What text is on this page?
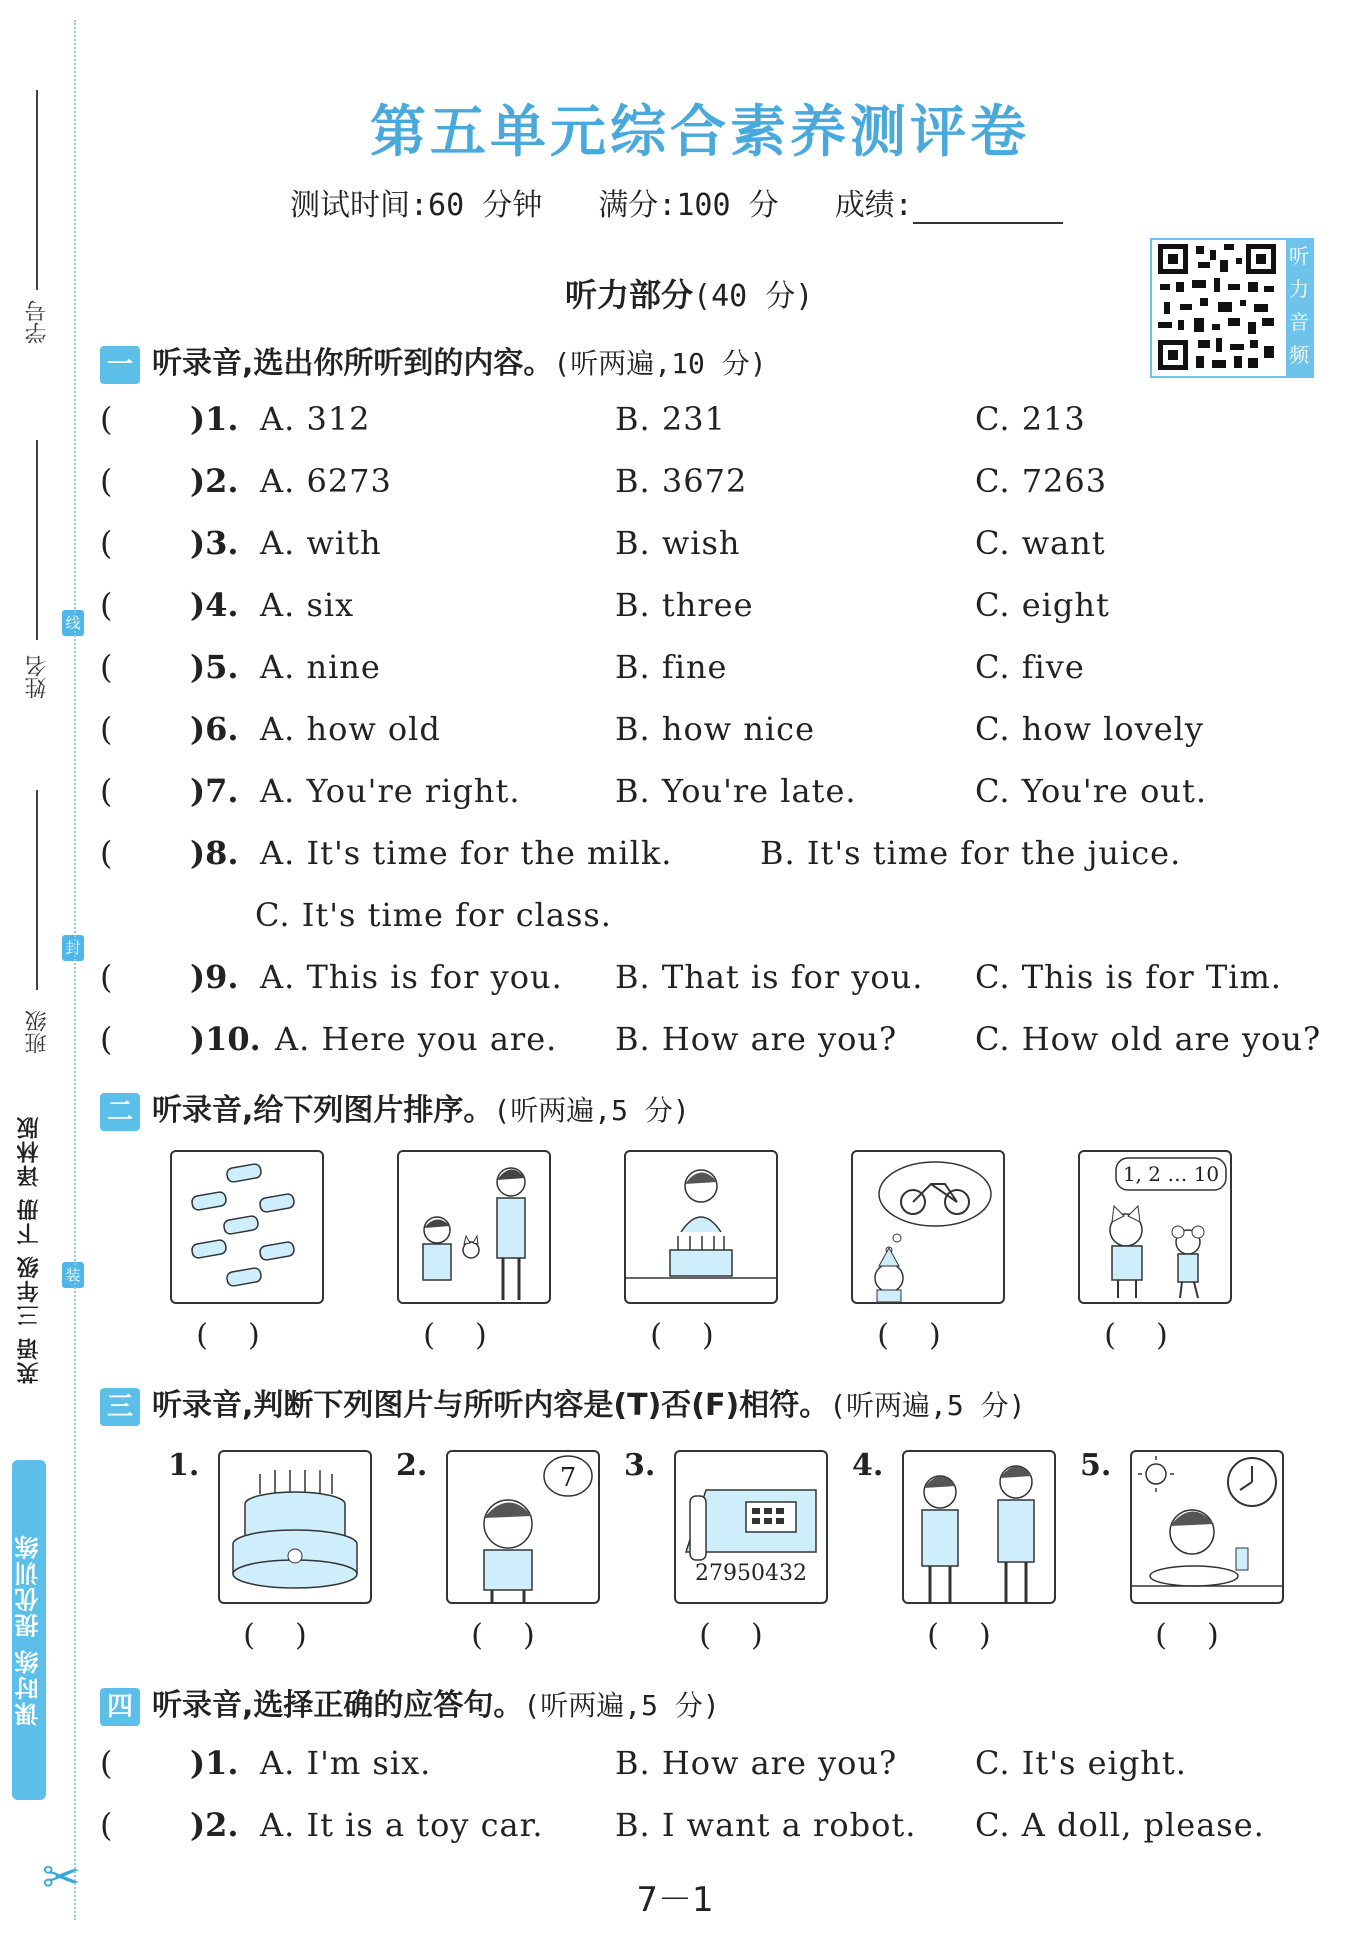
学号
姓名
班级
线
封
装
英语 三年级 下册 译林版
课时练 提优训练
✂
第五单元综合素养测评卷
测试时间:60 分钟 满分:100 分 成绩:
听力音频
听力部分(40 分)
一 听录音,选出你所听到的内容。(听两遍,10 分)
( )1. A. 312	B. 231	C. 213
( )2. A. 6273	B. 3672	C. 7263
( )3. A. with	B. wish	C. want
( )4. A. six	B. three	C. eight
( )5. A. nine	B. fine	C. five
( )6. A. how old	B. how nice	C. how lovely
( )7. A. You're right.	B. You're late.	C. You're out.
( )8. A. It's time for the milk.	B. It's time for the juice.
C. It's time for class.
( )9. A. This is for you. B. That is for you. C. This is for Tim.
( )10. A. Here you are. B. How are you? C. How old are you?
二 听录音,给下列图片排序。(听两遍,5 分)
1, 2 … 10
()	()	()	()	()
三 听录音,判断下列图片与所听内容是(T)否(F)相符。(听两遍,5 分)
1.	2.	3.	4.	5.
7
27950432
()	()	()	()	()
四 听录音,选择正确的应答句。(听两遍,5 分)
( )1. A. I'm six.	B. How are you? C. It's eight.
( )2. A. It is a toy car. B. I want a robot. C. A doll, please.
7－1
